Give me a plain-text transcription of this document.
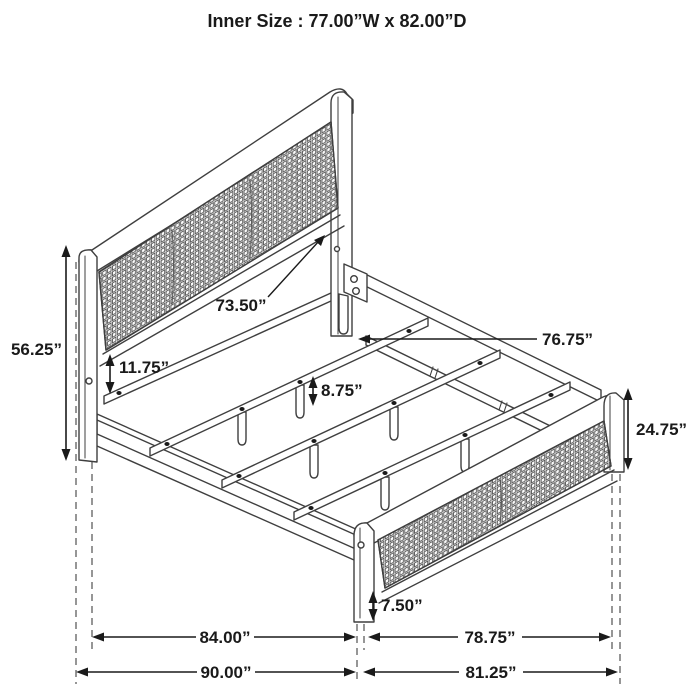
Inner Size : 77.00”W x 82.00”D
56.25”
73.50”
11.75”
76.75”
8.75”
24.75”
7.50”
84.00”	78.75”
90.00”	81.25”
